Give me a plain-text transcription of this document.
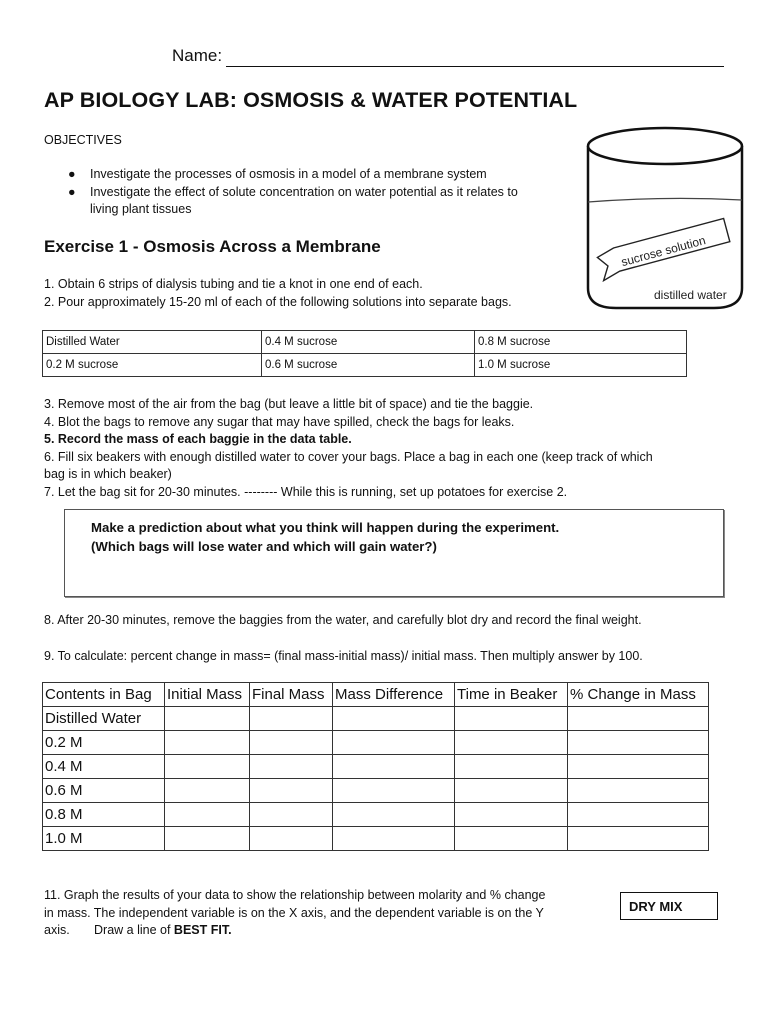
Name:
AP BIOLOGY LAB: OSMOSIS & WATER POTENTIAL
OBJECTIVES
● Investigate the processes of osmosis in a model of a membrane system
● Investigate the effect of solute concentration on water potential as it relates to
living plant tissues
sucrose solution
distilled water
Exercise 1 - Osmosis Across a Membrane
1. Obtain 6 strips of dialysis tubing and tie a knot in one end of each.
2. Pour approximately 15-20 ml of each of the following solutions into separate bags.
Distilled Water	0.4 M sucrose	0.8 M sucrose
0.2 M sucrose	0.6 M sucrose	1.0 M sucrose
3. Remove most of the air from the bag (but leave a little bit of space) and tie the baggie.
4. Blot the bags to remove any sugar that may have spilled, check the bags for leaks.
5. Record the mass of each baggie in the data table.
6. Fill six beakers with enough distilled water to cover your bags. Place a bag in each one (keep track of which
bag is in which beaker)
7. Let the bag sit for 20-30 minutes. -------- While this is running, set up potatoes for exercise 2.
Make a prediction about what you think will happen during the experiment.
(Which bags will lose water and which will gain water?)
8. After 20-30 minutes, remove the baggies from the water, and carefully blot dry and record the final weight.
9. To calculate: percent change in mass= (final mass-initial mass)/ initial mass. Then multiply answer by 100.
Contents in Bag	Initial Mass	Final Mass	Mass Difference	Time in Beaker	% Change in Mass
Distilled Water					
0.2 M					
0.4 M					
0.6 M					
0.8 M					
1.0 M					
11. Graph the results of your data to show the relationship between molarity and % change
in mass. The independent variable is on the X axis, and the dependent variable is on the Y
axis.       Draw a line of BEST FIT.
DRY MIX
